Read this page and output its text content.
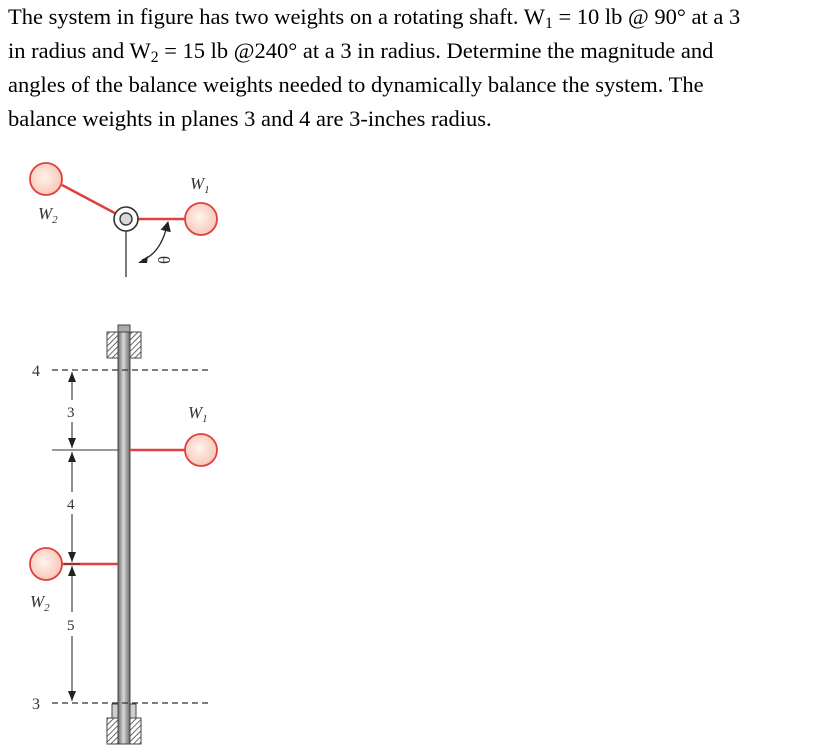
The system in figure has two weights on a rotating shaft. $W_1 = 10$ lb @ 90° at a 3
in radius and $W_2 = 15$ lb @240° at a 3 in radius. Determine the magnitude and
angles of the balance weights needed to dynamically balance the system. The
balance weights in planes 3 and 4 are 3-inches radius.
$W_1$
$W_2$
θ
4
3
$W_1$
$W_2$
3
4
5
